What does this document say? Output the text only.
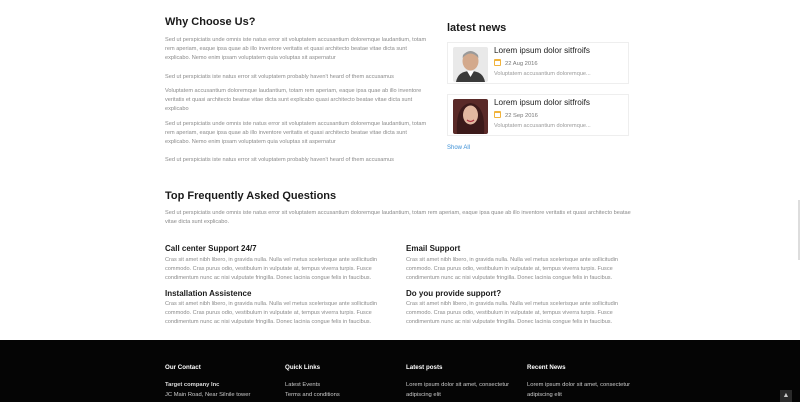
Why Choose Us?

Sed ut perspiciatis unde omnis iste natus error sit voluptatem accusantium doloremque laudantium, totam rem aperiam, eaque ipsa quae ab illo inventore veritatis et quasi architecto beatae vitae dicta sunt explicabo. Nemo enim ipsam voluptatem quia voluptas sit aspernatur

Sed ut perspiciatis iste natus error sit voluptatem probably haven't heard of them accusamus

Voluptatem accusantium doloremque laudantium, totam rem aperiam, eaque ipsa quae ab illo inventore veritatis et quasi architecto beatae vitae dicta sunt explicabo quasi architecto beatae vitae dicta sunt explicabo

Sed ut perspiciatis unde omnis iste natus error sit voluptatem accusantium doloremque laudantium, totam rem aperiam, eaque ipsa quae ab illo inventore veritatis et quasi architecto beatae vitae dicta sunt explicabo. Nemo enim ipsam voluptatem quia voluptas sit aspernatur

Sed ut perspiciatis iste natus error sit voluptatem probably haven't heard of them accusamus

latest news
Lorem ipsum dolor sitfroifs
22 Aug 2016
Voluptatem accusantium doloremque...
Lorem ipsum dolor sitfroifs
22 Sep 2016
Voluptatem accusantium doloremque...
Show All
Top Frequently Asked Questions

Sed ut perspiciatis unde omnis iste natus error sit voluptatem accusantium doloremque laudantium, totam rem aperiam, eaque ipsa quae ab illo inventore veritatis et quasi architecto beatae vitae dicta sunt explicabo.

Call center Support 24/7

Cras sit amet nibh libero, in gravida nulla. Nulla vel metus scelerisque ante sollicitudin commodo. Cras purus odio, vestibulum in vulputate at, tempus viverra turpis. Fusce condimentum nunc ac nisi vulputate fringilla. Donec lacinia congue felis in faucibus.

Email Support

Cras sit amet nibh libero, in gravida nulla. Nulla vel metus scelerisque ante sollicitudin commodo. Cras purus odio, vestibulum in vulputate at, tempus viverra turpis. Fusce condimentum nunc ac nisi vulputate fringilla. Donec lacinia congue felis in faucibus.

Installation Assistence

Cras sit amet nibh libero, in gravida nulla. Nulla vel metus scelerisque ante sollicitudin commodo. Cras purus odio, vestibulum in vulputate at, tempus viverra turpis. Fusce condimentum nunc ac nisi vulputate fringilla. Donec lacinia congue felis in faucibus.

Do you provide support?

Cras sit amet nibh libero, in gravida nulla. Nulla vel metus scelerisque ante sollicitudin commodo. Cras purus odio, vestibulum in vulputate at, tempus viverra turpis. Fusce condimentum nunc ac nisi vulputate fringilla. Donec lacinia congue felis in faucibus.

Our Contact
Target company Inc
JC Main Road, Near Silnile tower
Quick Links
Latest Events
Terms and conditions
Latest posts
Lorem ipsum dolor sit amet, consectetur adipiscing elit
Recent News
Lorem ipsum dolor sit amet, consectetur adipiscing elit	▲
